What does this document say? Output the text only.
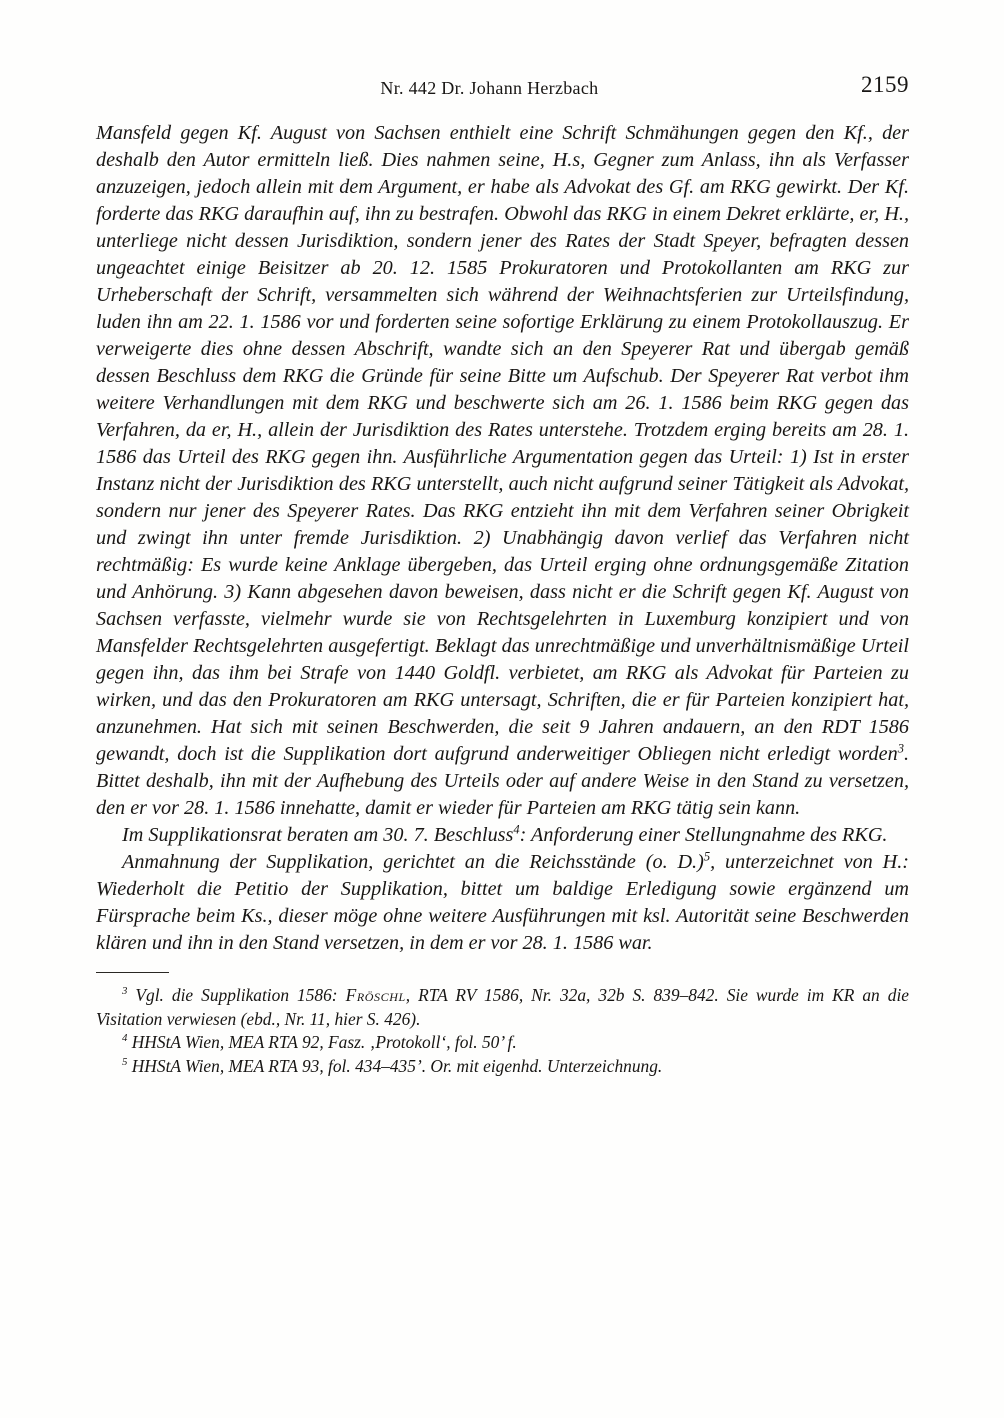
Nr. 442 Dr. Johann Herzbach	2159

Mansfeld gegen Kf. August von Sachsen enthielt eine Schrift Schmähungen gegen den Kf., der deshalb den Autor ermitteln ließ. Dies nahmen seine, H.s, Gegner zum Anlass, ihn als Verfasser anzuzeigen, jedoch allein mit dem Argument, er habe als Advokat des Gf. am RKG gewirkt. Der Kf. forderte das RKG daraufhin auf, ihn zu bestrafen. Obwohl das RKG in einem Dekret erklärte, er, H., unterliege nicht dessen Jurisdiktion, sondern jener des Rates der Stadt Speyer, befragten dessen ungeachtet einige Beisitzer ab 20. 12. 1585 Prokuratoren und Protokollanten am RKG zur Urheberschaft der Schrift, versammelten sich während der Weihnachtsferien zur Urteilsfindung, luden ihn am 22. 1. 1586 vor und forderten seine sofortige Erklärung zu einem Protokollauszug. Er verweigerte dies ohne dessen Abschrift, wandte sich an den Speyerer Rat und übergab gemäß dessen Beschluss dem RKG die Gründe für seine Bitte um Aufschub. Der Speyerer Rat verbot ihm weitere Verhandlungen mit dem RKG und beschwerte sich am 26. 1. 1586 beim RKG gegen das Verfahren, da er, H., allein der Jurisdiktion des Rates unterstehe. Trotzdem erging bereits am 28. 1. 1586 das Urteil des RKG gegen ihn. Ausführliche Argumentation gegen das Urteil: 1) Ist in erster Instanz nicht der Jurisdiktion des RKG unterstellt, auch nicht aufgrund seiner Tätigkeit als Advokat, sondern nur jener des Speyerer Rates. Das RKG entzieht ihn mit dem Verfahren seiner Obrigkeit und zwingt ihn unter fremde Jurisdiktion. 2) Unabhängig davon verlief das Verfahren nicht rechtmäßig: Es wurde keine Anklage übergeben, das Urteil erging ohne ordnungsgemäße Zitation und Anhörung. 3) Kann abgesehen davon beweisen, dass nicht er die Schrift gegen Kf. August von Sachsen verfasste, vielmehr wurde sie von Rechtsgelehrten in Luxemburg konzipiert und von Mansfelder Rechtsgelehrten ausgefertigt. Beklagt das unrechtmäßige und unverhältnismäßige Urteil gegen ihn, das ihm bei Strafe von 1440 Goldfl. verbietet, am RKG als Advokat für Parteien zu wirken, und das den Prokuratoren am RKG untersagt, Schriften, die er für Parteien konzipiert hat, anzunehmen. Hat sich mit seinen Beschwerden, die seit 9 Jahren andauern, an den RDT 1586 gewandt, doch ist die Supplikation dort aufgrund anderweitiger Obliegen nicht erledigt worden$^3$. Bittet deshalb, ihn mit der Aufhebung des Urteils oder auf andere Weise in den Stand zu versetzen, den er vor 28. 1. 1586 innehatte, damit er wieder für Parteien am RKG tätig sein kann.

Im Supplikationsrat beraten am 30. 7. Beschluss$^4$: Anforderung einer Stellungnahme des RKG.

Anmahnung der Supplikation, gerichtet an die Reichsstände (o. D.)$^5$, unterzeichnet von H.: Wiederholt die Petitio der Supplikation, bittet um baldige Erledigung sowie ergänzend um Fürsprache beim Ks., dieser möge ohne weitere Ausführungen mit ksl. Autorität seine Beschwerden klären und ihn in den Stand versetzen, in dem er vor 28. 1. 1586 war.

$^3$ Vgl. die Supplikation 1586: Fröschl, RTA RV 1586, Nr. 32a, 32b S. 839–842. Sie wurde im KR an die Visitation verwiesen (ebd., Nr. 11, hier S. 426).

$^4$ HHStA Wien, MEA RTA 92, Fasz. ‚Protokoll‘, fol. 50’ f.

$^5$ HHStA Wien, MEA RTA 93, fol. 434–435’. Or. mit eigenhd. Unterzeichnung.
